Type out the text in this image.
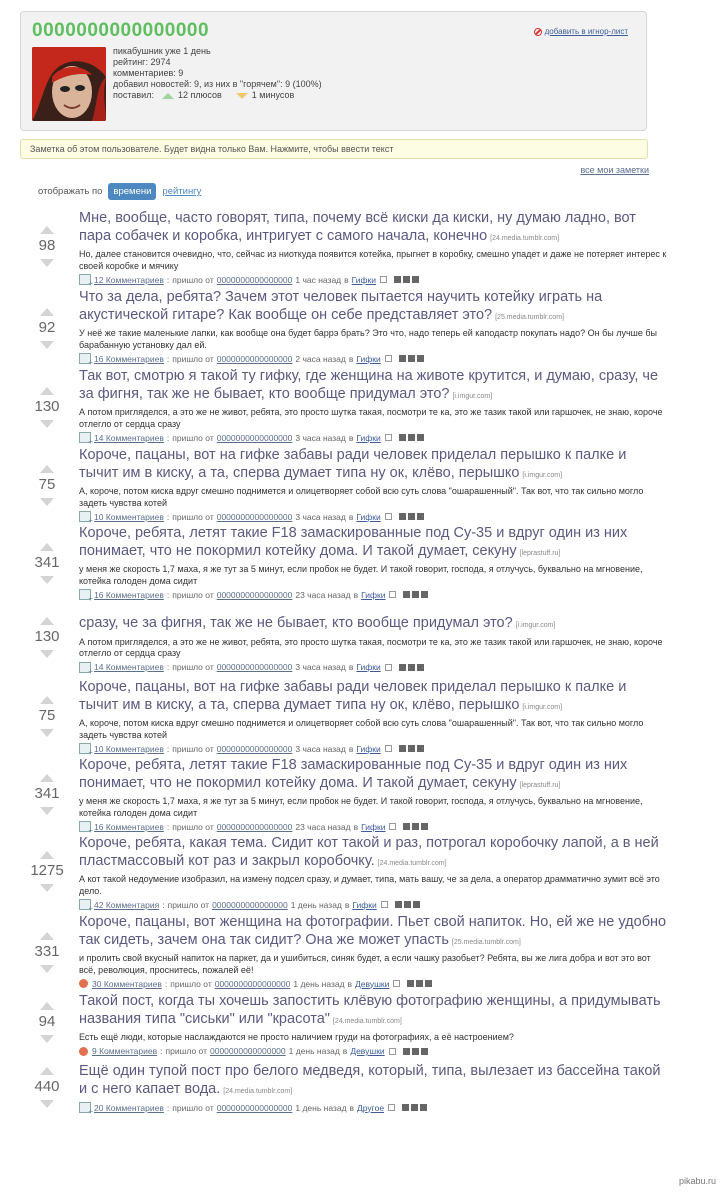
0000000000000000
пикабушник уже 1 день
рейтинг: 2974
комментариев: 9
добавил новостей: 9, из них в "горячем": 9 (100%)
поставил:	12 плюсов	1 минусов
добавить в игнор-лист
Заметка об этом пользователе. Будет видна только Вам. Нажмите, чтобы ввести текст
все мои заметки
отображать по	времени	рейтингу
98
Мне, вообще, часто говорят, типа, почему всё киски да киски, ну думаю ладно, вот пара собачек и коробка, интригует с самого начала, конечно [24.media.tumblr.com]
Но, далее становится очевидно, что, сейчас из ниоткуда появится котейка, прыгнет в коробку, смешно упадет и даже не потеряет интерес к своей коробке и мячику
+
12 Комментариев : пришло от 0000000000000000 1 час назад в Гифки
92
Что за дела, ребята? Зачем этот человек пытается научить котейку играть на акустической гитаре? Как вообще он себе представляет это? [25.media.tumblr.com]
У неё же такие маленькие лапки, как вообще она будет баррэ брать? Это что, надо теперь ей каподастр покупать надо? Он бы лучше бы барабанную установку дал ей.
+
16 Комментариев : пришло от 0000000000000000 2 часа назад в Гифки
130
Так вот, смотрю я такой ту гифку, где женщина на животе крутится, и думаю, сразу, че за фигня, так же не бывает, кто вообще придумал это? [i.imgur.com]
А потом пригляделся, а это же не живот, ребята, это просто шутка такая, посмотри те ка, это же тазик такой или гаршочек, не знаю, короче отлегло от сердца сразу
+
14 Комментариев : пришло от 0000000000000000 3 часа назад в Гифки
75
Короче, пацаны, вот на гифке забавы ради человек приделал перышко к палке и тычит им в киску, а та, сперва думает типа ну ок, клёво, перышко [i.imgur.com]
А, короче, потом киска вдруг смешно поднимется и олицетворяет собой всю суть слова "ошарашенный". Так вот, что так сильно могло задеть чувства котей
+
10 Комментариев : пришло от 0000000000000000 3 часа назад в Гифки
341
Короче, ребята, летят такие F18 замаскированные под Су-35 и вдруг один из них понимает, что не покормил котейку дома. И такой думает, секуну [leprastuff.ru]
у меня же скорость 1,7 маха, я же тут за 5 минут, если пробок не будет. И такой говорит, господа, я отлучусь, буквально на мгновение, котейка голоден дома сидит
+
16 Комментариев : пришло от 0000000000000000 23 часа назад в Гифки
130
сразу, че за фигня, так же не бывает, кто вообще придумал это? [i.imgur.com]
А потом пригляделся, а это же не живот, ребята, это просто шутка такая, посмотри те ка, это же тазик такой или гаршочек, не знаю, короче отлегло от сердца сразу
+
14 Комментариев : пришло от 0000000000000000 3 часа назад в Гифки
75
Короче, пацаны, вот на гифке забавы ради человек приделал перышко к палке и тычит им в киску, а та, сперва думает типа ну ок, клёво, перышко [i.imgur.com]
А, короче, потом киска вдруг смешно поднимется и олицетворяет собой всю суть слова "ошарашенный". Так вот, что так сильно могло задеть чувства котей
+
10 Комментариев : пришло от 0000000000000000 3 часа назад в Гифки
341
Короче, ребята, летят такие F18 замаскированные под Су-35 и вдруг один из них понимает, что не покормил котейку дома. И такой думает, секуну [leprastuff.ru]
у меня же скорость 1,7 маха, я же тут за 5 минут, если пробок не будет. И такой говорит, господа, я отлучусь, буквально на мгновение, котейка голоден дома сидит
+
16 Комментариев : пришло от 0000000000000000 23 часа назад в Гифки
1275
Короче, ребята, какая тема. Сидит кот такой и раз, потрогал коробочку лапой, а в ней пластмассовый кот раз и закрыл коробочку. [24.media.tumblr.com]
А кот такой недоумение изобразил, на измену подсел сразу, и думает, типа, мать вашу, че за дела, а оператор драмматично зумит всё это дело.
+
42 Комментария : пришло от 0000000000000000 1 день назад в Гифки
331
Короче, пацаны, вот женщина на фотографии. Пьет свой напиток. Но, ей же не удобно так сидеть, зачем она так сидит? Она же может упасть [25.media.tumblr.com]
и пролить свой вкусный напиток на паркет, да и ушибиться, синяк будет, а если чашку разобьет? Ребята, вы же лига добра и вот это вот всё, революция, проснитесь, пожалей её!
30 Комментариев : пришло от 0000000000000000 1 день назад в Девушки
94
Такой пост, когда ты хочешь запостить клёвую фотографию женщины, а придумывать названия типа "сиськи" или "красота" [24.media.tumblr.com]
Есть ещё люди, которые наслаждаются не просто наличием груди на фотографиях, а её настроением?
9 Комментариев : пришло от 0000000000000000 1 день назад в Девушки
440
Ещё один тупой пост про белого медведя, который, типа, вылезает из бассейна такой и с него капает вода. [24.media.tumblr.com]
+
20 Комментариев : пришло от 0000000000000000 1 день назад в Другое
pikabu.ru
